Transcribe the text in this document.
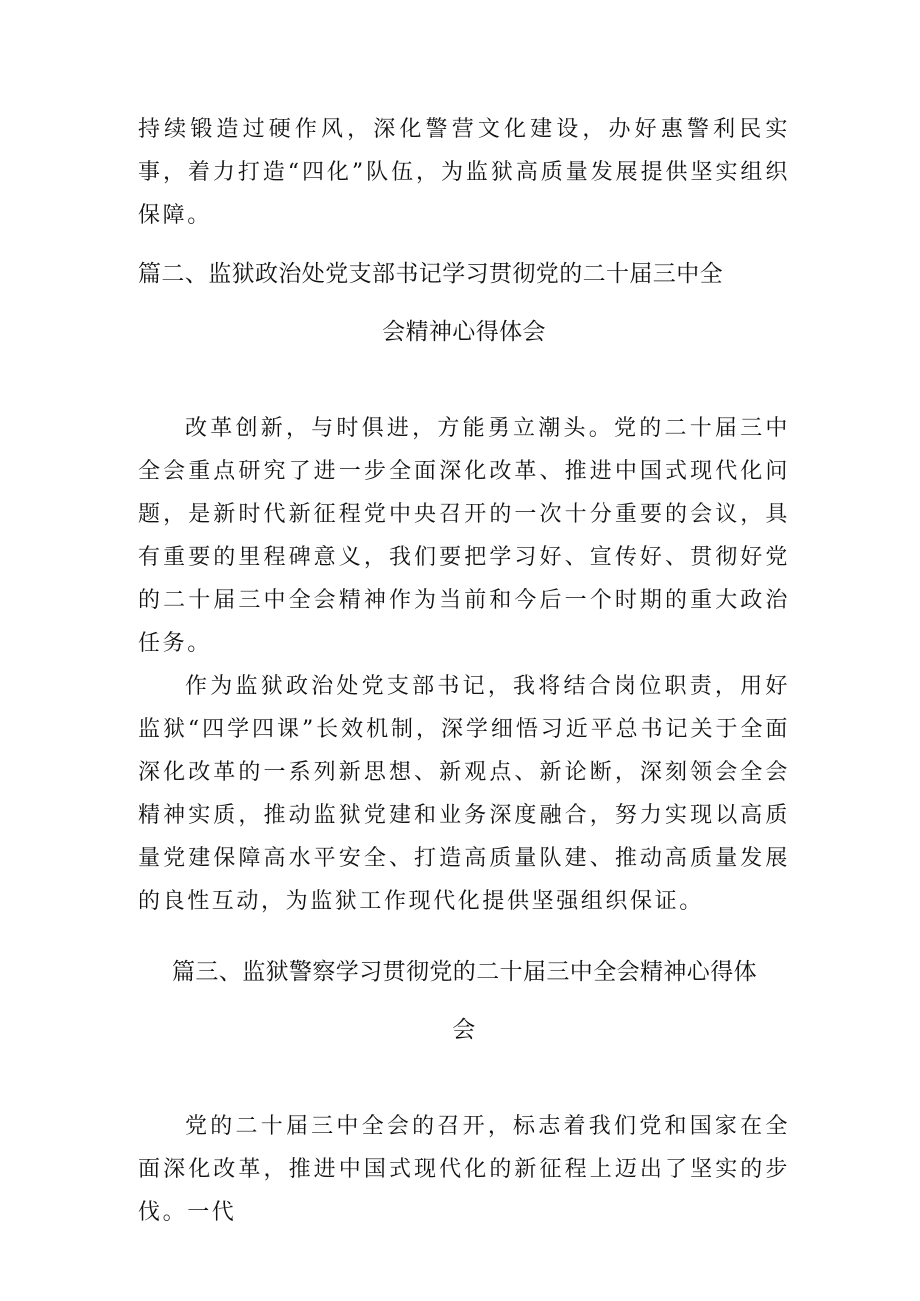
持续锻造过硬作风，深化警营文化建设，办好惠警利民实事，着力打造“四化”队伍，为监狱高质量发展提供坚实组织保障。

篇二、监狱政治处党支部书记学习贯彻党的二十届三中全
会精神心得体会

改革创新，与时俱进，方能勇立潮头。党的二十届三中全会重点研究了进一步全面深化改革、推进中国式现代化问题，是新时代新征程党中央召开的一次十分重要的会议，具有重要的里程碑意义，我们要把学习好、宣传好、贯彻好党的二十届三中全会精神作为当前和今后一个时期的重大政治任务。

作为监狱政治处党支部书记，我将结合岗位职责，用好监狱“四学四课”长效机制，深学细悟习近平总书记关于全面深化改革的一系列新思想、新观点、新论断，深刻领会全会精神实质，推动监狱党建和业务深度融合，努力实现以高质量党建保障高水平安全、打造高质量队建、推动高质量发展的良性互动，为监狱工作现代化提供坚强组织保证。

篇三、监狱警察学习贯彻党的二十届三中全会精神心得体
会

党的二十届三中全会的召开，标志着我们党和国家在全面深化改革，推进中国式现代化的新征程上迈出了坚实的步伐。一代
